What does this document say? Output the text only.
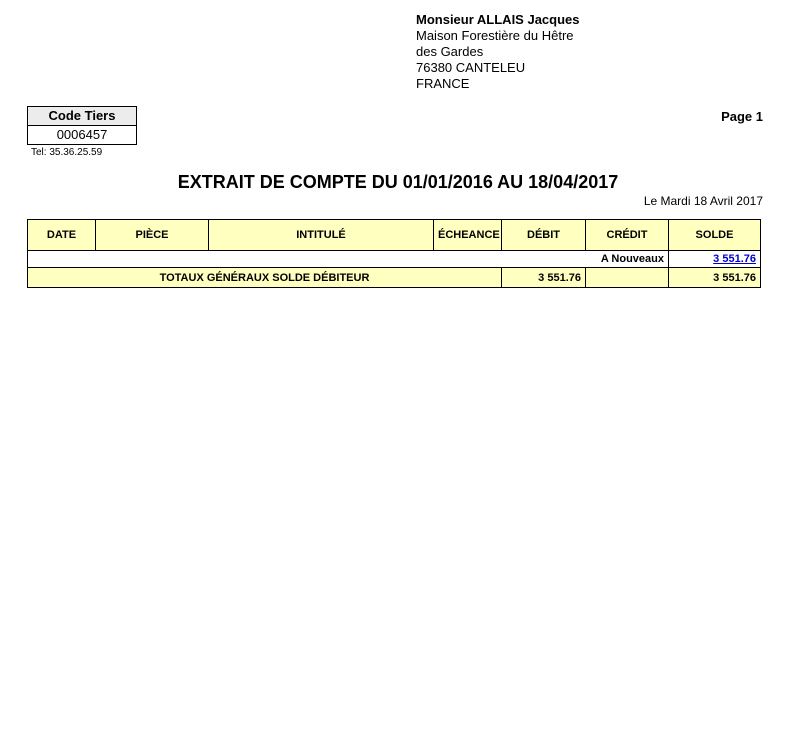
Monsieur ALLAIS Jacques
Maison Forestière du Hêtre
des Gardes
76380 CANTELEU
FRANCE
Code Tiers
0006457
Tel: 35.36.25.59
Page 1
EXTRAIT DE COMPTE DU 01/01/2016 AU 18/04/2017
Le Mardi 18 Avril 2017
DATE	PIÈCE	INTITULÉ	ÉCHEANCE	DÉBIT	CRÉDIT	SOLDE
A Nouveaux						3 551.76
TOTAUX GÉNÉRAUX SOLDE DÉBITEUR				3 551.76		3 551.76
